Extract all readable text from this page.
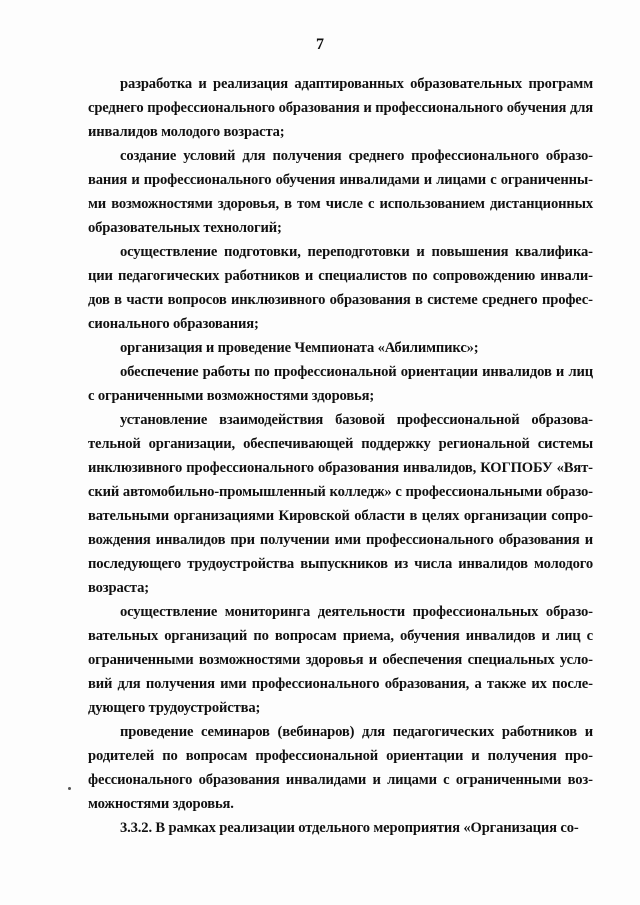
7

разработка и реализация адаптированных образовательных программ среднего профессионального образования и профессионального обучения для инвалидов молодого возраста;

создание условий для получения среднего профессионального образования и профессионального обучения инвалидами и лицами с ограниченными возможностями здоровья, в том числе с использованием дистанционных образовательных технологий;

осуществление подготовки, переподготовки и повышения квалификации педагогических работников и специалистов по сопровождению инвалидов в части вопросов инклюзивного образования в системе среднего профессионального образования;

организация и проведение Чемпионата «Абилимпикс»;

обеспечение работы по профессиональной ориентации инвалидов и лиц с ограниченными возможностями здоровья;

установление взаимодействия базовой профессиональной образовательной организации, обеспечивающей поддержку региональной системы инклюзивного профессионального образования инвалидов, КОГПОБУ «Вятский автомобильно-промышленный колледж» с профессиональными образовательными организациями Кировской области в целях организации сопровождения инвалидов при получении ими профессионального образования и последующего трудоустройства выпускников из числа инвалидов молодого возраста;

осуществление мониторинга деятельности профессиональных образовательных организаций по вопросам приема, обучения инвалидов и лиц с ограниченными возможностями здоровья и обеспечения специальных условий для получения ими профессионального образования, а также их последующего трудоустройства;

проведение семинаров (вебинаров) для педагогических работников и родителей по вопросам профессиональной ориентации и получения профессионального образования инвалидами и лицами с ограниченными возможностями здоровья.

3.3.2. В рамках реализации отдельного мероприятия «Организация со-
